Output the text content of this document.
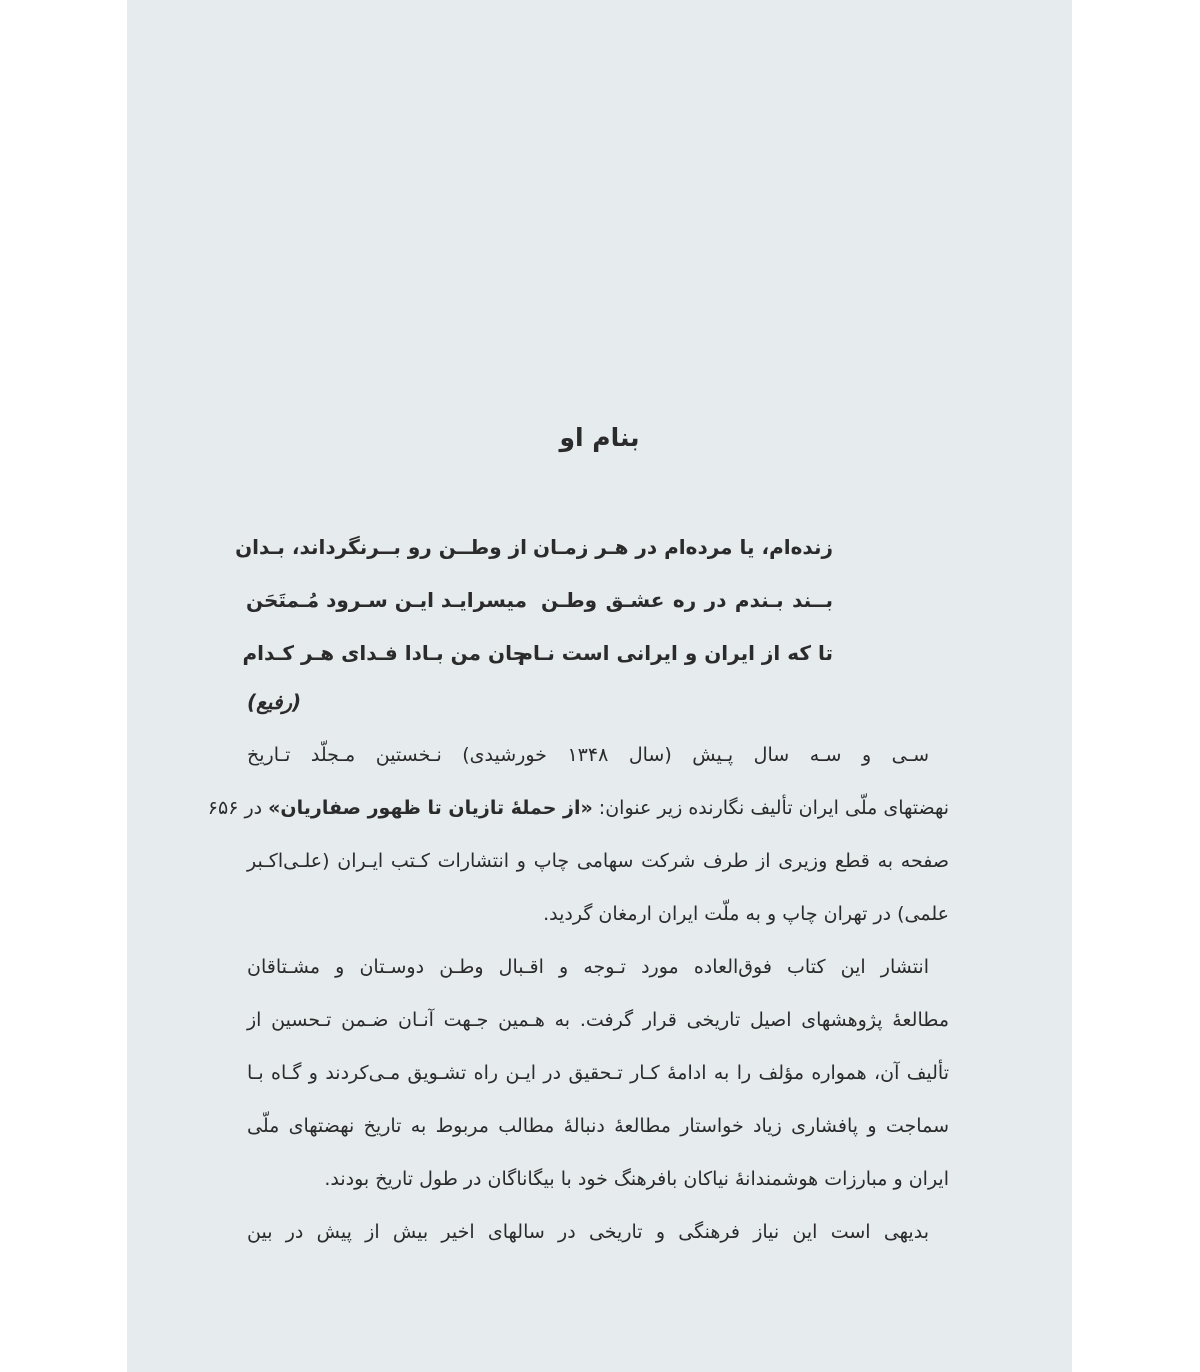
بنام او
زنده‌ام، یا مرده‌ام در هـر زمـان
از وطــن رو بــرنگرداند، بـدان
بــند بـندم در ره عشـق وطـن
میسرایـد ایـن سـرود مُـمتَحَن
تا که از ایران و ایرانی است نـام
جان من بـادا فـدای هـر کـدام
(رفیع)
سـی و سـه سال پـیش (سال ۱۳۴۸ خورشیدی) نـخستین مـجلّد تـاریخ
نهضتهای ملّی ایران تألیف نگارنده زیر عنوان: «از حملهٔ تازیان تا ظهور صفاریان» در ۶۵۶
صفحه به قطع وزیری از طرف شرکت سهامی چاپ و انتشارات کـتب ایـران (علـی‌اکـبر
علمی) در تهران چاپ و به ملّت ایران ارمغان گردید.
انتشار این کتاب فوق‌العاده مورد تـوجه و اقـبال وطـن دوسـتان و مشـتاقان
مطالعهٔ پژوهشهای اصیل تاریخی قرار گرفت. به هـمین جـهت آنـان ضـمن تـحسین از
تألیف آن، همواره مؤلف را به ادامهٔ کـار تـحقیق در ایـن راه تشـویق مـی‌کردند و گـاه بـا
سماجت و پافشاری زیاد خواستار مطالعهٔ دنبالهٔ مطالب مربوط به تاریخ نهضتهای ملّی
ایران و مبارزات هوشمندانهٔ نیاکان بافرهنگ خود با بیگاناگان در طول تاریخ بودند.
بدیهی است این نیاز فرهنگی و تاریخی در سالهای اخیر بیش از پیش در بین
